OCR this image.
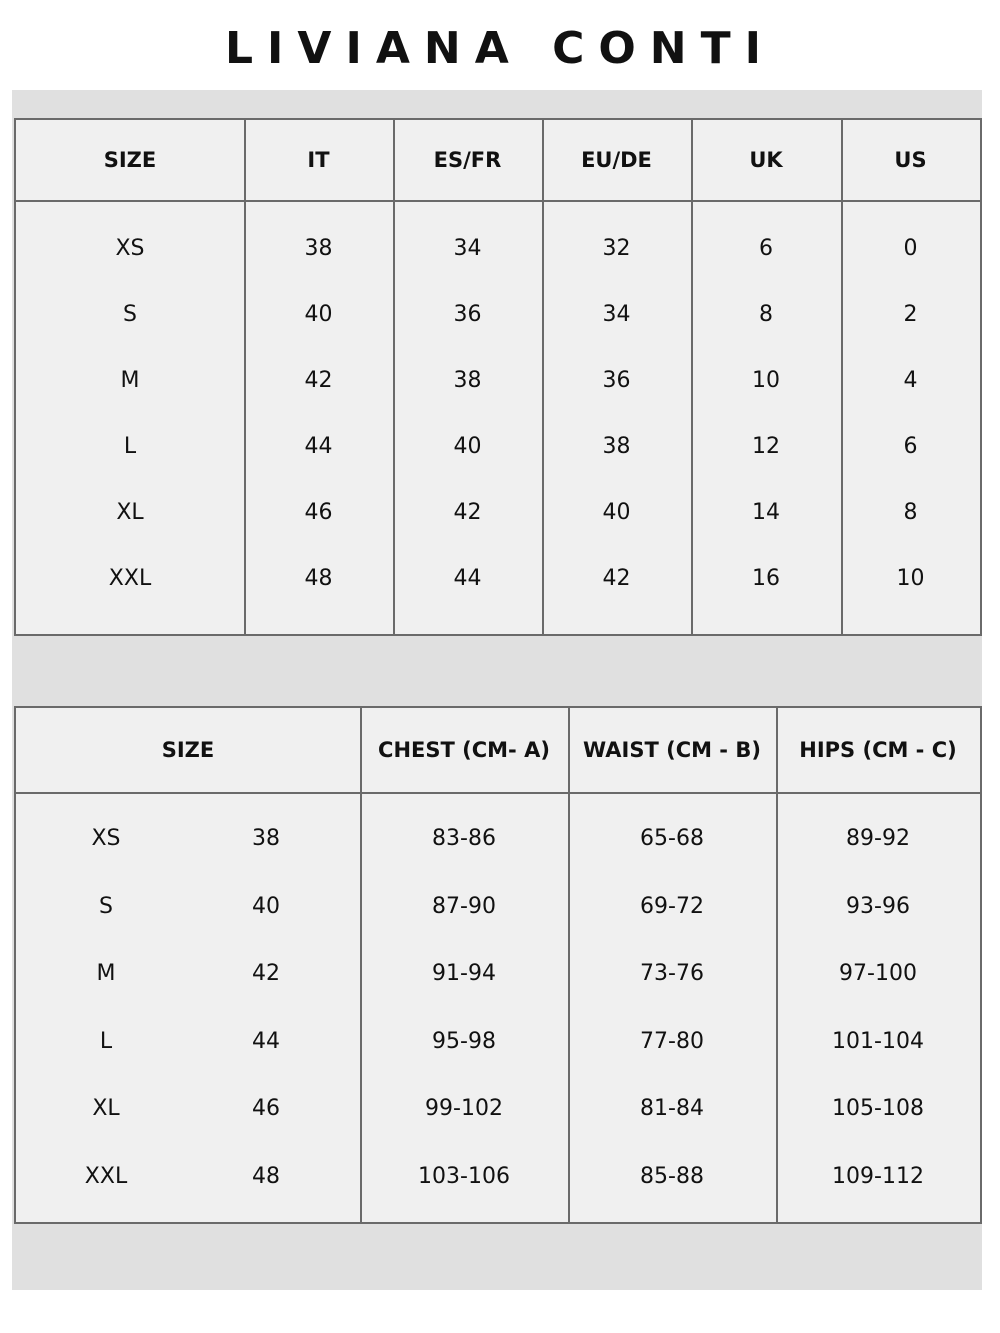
LIVIANA CONTI
SIZE	IT	ES/FR	EU/DE	UK	US
XS	38	34	32	6	0
S	40	36	34	8	2
M	42	38	36	10	4
L	44	40	38	12	6
XL	46	42	40	14	8
XXL	48	44	42	16	10
SIZE	CHEST (CM- A)	WAIST (CM - B)	HIPS (CM - C)
XS	38	83-86	65-68	89-92
S	40	87-90	69-72	93-96
M	42	91-94	73-76	97-100
L	44	95-98	77-80	101-104
XL	46	99-102	81-84	105-108
XXL	48	103-106	85-88	109-112
